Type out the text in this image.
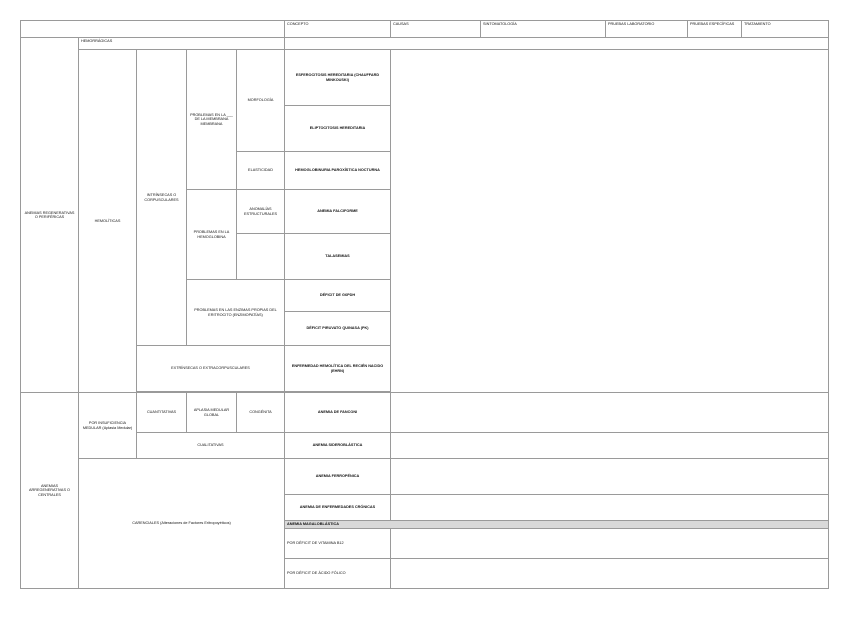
					CONCEPTO	CAUSAS	SINTOMATOLOGÍA	PRUEBAS LABORATORIO	PRUEBAS ESPECÍFICAS	TRATAMIENTO
ANEMIAS REGENERATIVAS O PERIFÉRICAS	HEMORRÁGICAS									
	HEMOLÍTICAS	INTRÍNSECAS O CORPUSCULARES	PROBLEMAS EN LA ___ DE LA MEMBRANA MEMBRANA	MORFOLOGÍA	ESFEROCITOSIS HEREDITARIA (CHAUFFARD MINKOUSKI)					
					ELIPTOCITOSIS HEREDITARIA					
				ELASTICIDAD	HEMOGLOBINURIA PAROXÍSTICA NOCTURNA					
			PROBLEMAS EN LA HEMOGLOBINA	ANOMALÍAS ESTRUCTURALES	ANEMIA FALCIFORME					
					TALASEMIAS					
			PROBLEMAS EN LAS ENZIMAS PROPIAS DEL ERITROCITO (ENZIMOPATÍAS)		DÉFICIT DE G6PDH					
					DÉFICIT PIRUVATO QUINASA (PK)					
		EXTRÍNSECAS O EXTRACORPUSCULARES			ENFERMEDAD HEMOLÍTICA DEL RECIÉN NACIDO (EHRN)					

ANEMIAS ARREGENERATIVAS O CENTRALES	POR INSUFICIENCIA MEDULAR (Aplasia Medular)	CUANTITATIVAS	APLASIA MEDULAR GLOBAL	CONGÉNITA	ANEMIA DE FANCONI					
		CUALITATIVAS			ANEMIA SIDEROBLÁSTICA					
	CARENCIALES (Alteraciones de Factores Eritropoyéticos)				ANEMIA FERROPÉNICA					
					ANEMIA DE ENFERMEDADES CRÓNICAS					
					ANEMIA MAGALOBLÁSTICA					
					POR DÉFICIT DE VITAMINA B12					
					POR DÉFICIT DE ÁCIDO FÓLICO					
